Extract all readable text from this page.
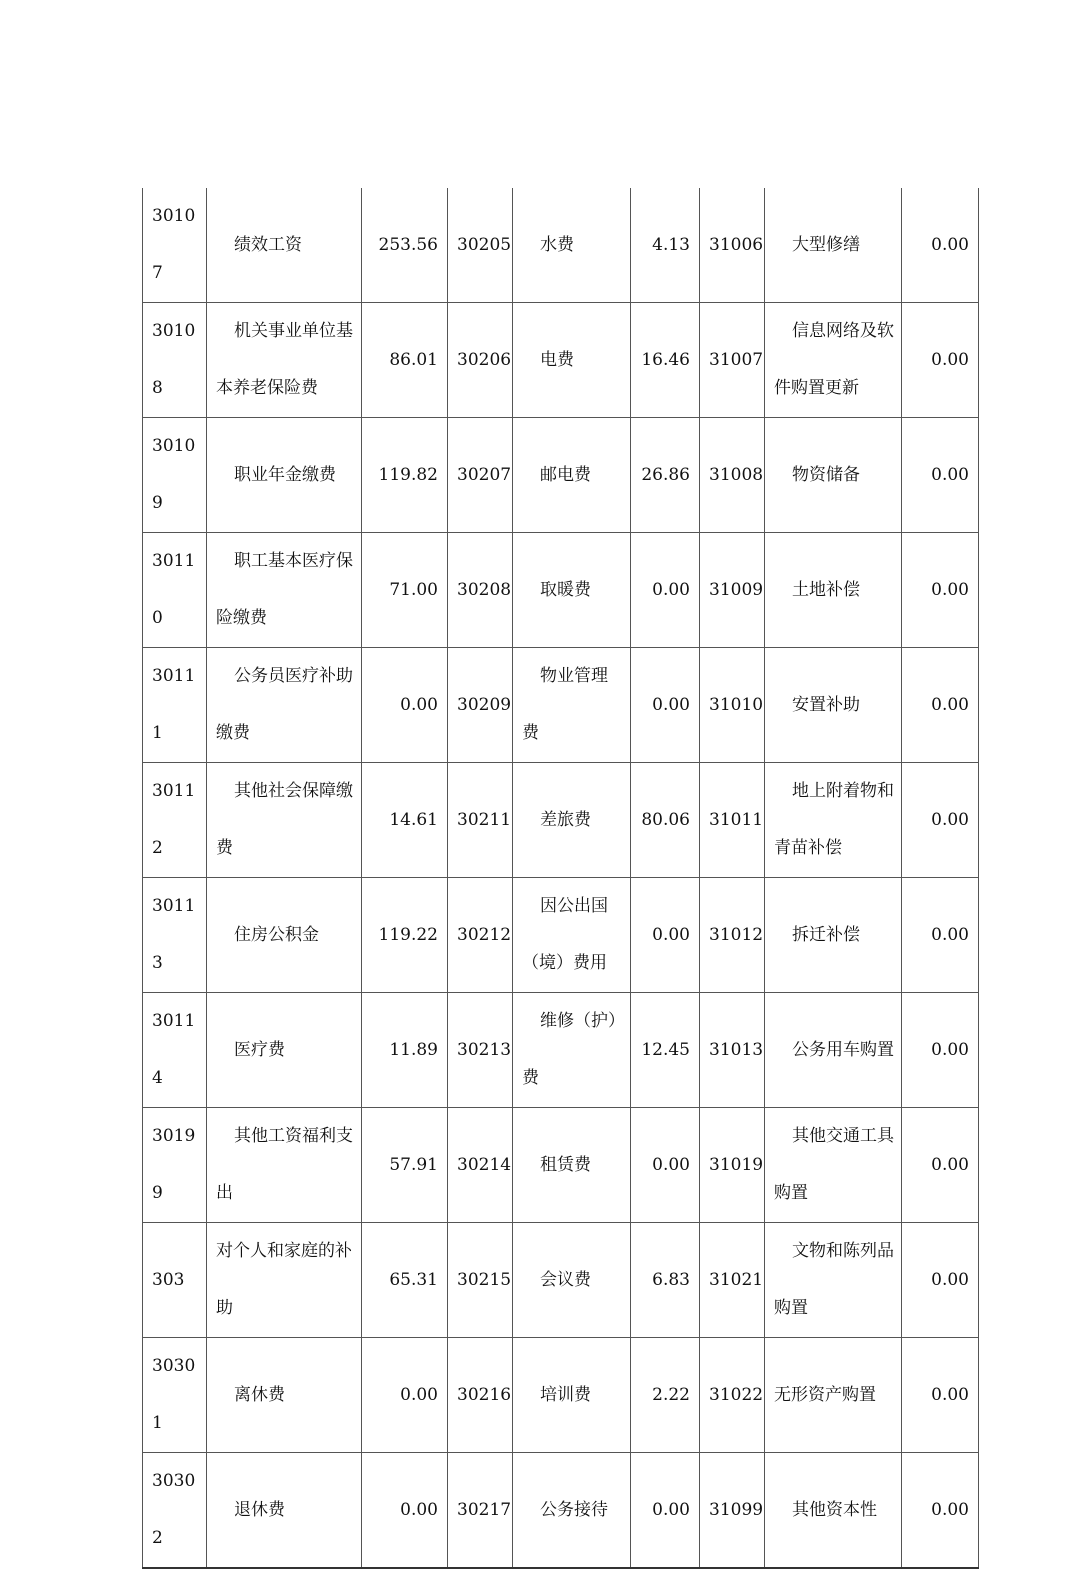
30107	绩效工资	253.56	30205	水费	4.13	31006	大型修缮	0.00
30108	机关事业单位基本养老保险费	86.01	30206	电费	16.46	31007	信息网络及软件购置更新	0.00
30109	职业年金缴费	119.82	30207	邮电费	26.86	31008	物资储备	0.00
30110	职工基本医疗保险缴费	71.00	30208	取暖费	0.00	31009	土地补偿	0.00
30111	公务员医疗补助缴费	0.00	30209	物业管理费	0.00	31010	安置补助	0.00
30112	其他社会保障缴费	14.61	30211	差旅费	80.06	31011	地上附着物和青苗补偿	0.00
30113	住房公积金	119.22	30212	因公出国（境）费用	0.00	31012	拆迁补偿	0.00
30114	医疗费	11.89	30213	维修（护）费	12.45	31013	公务用车购置	0.00
30199	其他工资福利支出	57.91	30214	租赁费	0.00	31019	其他交通工具购置	0.00
303	对个人和家庭的补助	65.31	30215	会议费	6.83	31021	文物和陈列品购置	0.00
30301	离休费	0.00	30216	培训费	2.22	31022	无形资产购置	0.00
30302	退休费	0.00	30217	公务接待	0.00	31099	其他资本性	0.00
